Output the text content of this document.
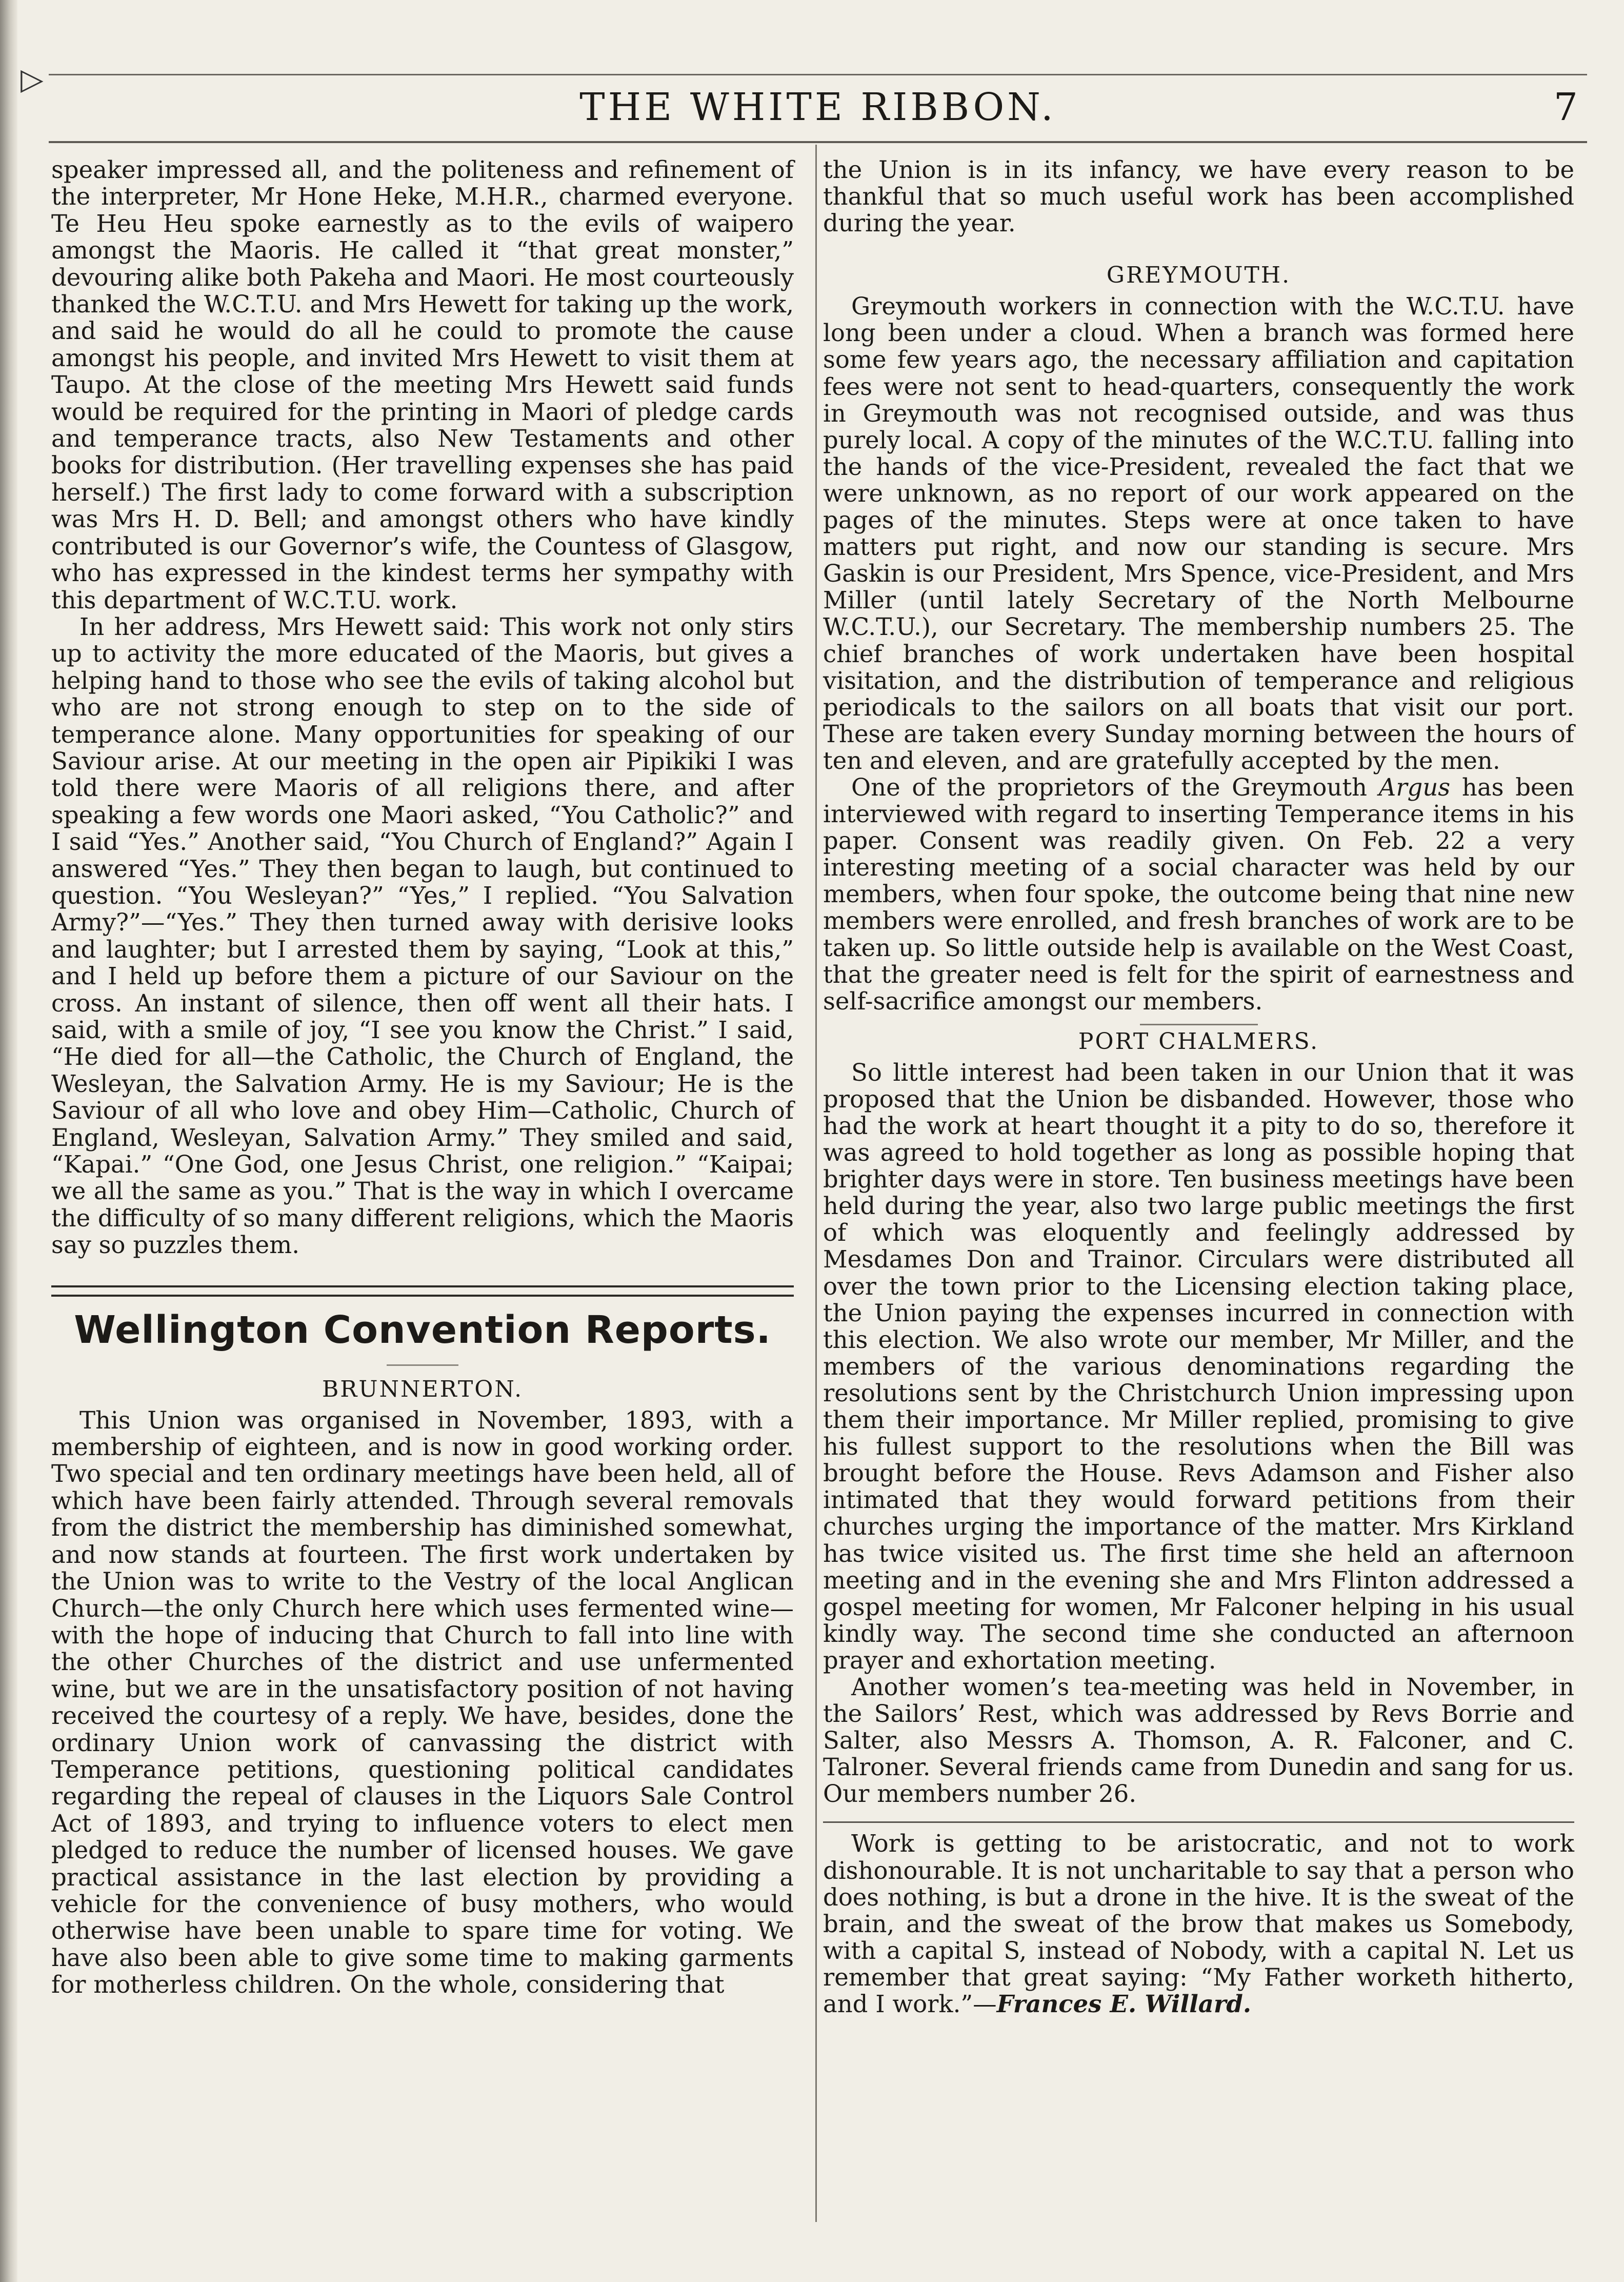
▷
THE WHITE RIBBON.	7

speaker impressed all, and the politeness and refinement of the interpreter, Mr Hone Heke, M.H.R., charmed everyone. Te Heu Heu spoke earnestly as to the evils of waipero amongst the Maoris. He called it “that great monster,” devouring alike both Pakeha and Maori. He most courteously thanked the W.C.T.U. and Mrs Hewett for taking up the work, and said he would do all he could to promote the cause amongst his people, and invited Mrs Hewett to visit them at Taupo. At the close of the meeting Mrs Hewett said funds would be required for the printing in Maori of pledge cards and temperance tracts, also New Testaments and other books for distribution. (Her travelling expenses she has paid herself.) The first lady to come forward with a subscription was Mrs H. D. Bell; and amongst others who have kindly contributed is our Governor’s wife, the Countess of Glasgow, who has expressed in the kindest terms her sympathy with this department of W.C.T.U. work.

In her address, Mrs Hewett said: This work not only stirs up to activity the more educated of the Maoris, but gives a helping hand to those who see the evils of taking alcohol but who are not strong enough to step on to the side of temperance alone. Many opportunities for speaking of our Saviour arise. At our meeting in the open air Pipikiki I was told there were Maoris of all religions there, and after speaking a few words one Maori asked, “You Catholic?” and I said “Yes.” Another said, “You Church of England?” Again I answered “Yes.” They then began to laugh, but continued to question. “You Wesleyan?” “Yes,” I replied. “You Salvation Army?”—“Yes.” They then turned away with derisive looks and laughter; but I arrested them by saying, “Look at this,” and I held up before them a picture of our Saviour on the cross. An instant of silence, then off went all their hats. I said, with a smile of joy, “I see you know the Christ.” I said, “He died for all—the Catholic, the Church of England, the Wesleyan, the Salvation Army. He is my Saviour; He is the Saviour of all who love and obey Him—Catholic, Church of England, Wesleyan, Salvation Army.” They smiled and said, “Kapai.” “One God, one Jesus Christ, one religion.” “Kaipai; we all the same as you.” That is the way in which I overcame the difficulty of so many different religions, which the Maoris say so puzzles them.

Wellington Convention Reports.
BRUNNERTON.

This Union was organised in November, 1893, with a membership of eighteen, and is now in good working order. Two special and ten ordinary meetings have been held, all of which have been fairly attended. Through several removals from the district the membership has diminished somewhat, and now stands at fourteen. The first work undertaken by the Union was to write to the Vestry of the local Anglican Church—the only Church here which uses fermented wine—with the hope of inducing that Church to fall into line with the other Churches of the district and use unfermented wine, but we are in the unsatisfactory position of not having received the courtesy of a reply. We have, besides, done the ordinary Union work of canvassing the district with Temperance petitions, questioning political candidates regarding the repeal of clauses in the Liquors Sale Control Act of 1893, and trying to influence voters to elect men pledged to reduce the number of licensed houses. We gave practical assistance in the last election by providing a vehicle for the convenience of busy mothers, who would otherwise have been unable to spare time for voting. We have also been able to give some time to making garments for motherless children. On the whole, considering that

the Union is in its infancy, we have every reason to be thankful that so much useful work has been accomplished during the year.

GREYMOUTH.

Greymouth workers in connection with the W.C.T.U. have long been under a cloud. When a branch was formed here some few years ago, the necessary affiliation and capitation fees were not sent to head-quarters, consequently the work in Greymouth was not recognised outside, and was thus purely local. A copy of the minutes of the W.C.T.U. falling into the hands of the vice-President, revealed the fact that we were unknown, as no report of our work appeared on the pages of the minutes. Steps were at once taken to have matters put right, and now our standing is secure. Mrs Gaskin is our President, Mrs Spence, vice-President, and Mrs Miller (until lately Secretary of the North Melbourne W.C.T.U.), our Secretary. The membership numbers 25. The chief branches of work undertaken have been hospital visitation, and the distribution of temperance and religious periodicals to the sailors on all boats that visit our port. These are taken every Sunday morning between the hours of ten and eleven, and are gratefully accepted by the men.

One of the proprietors of the Greymouth Argus has been interviewed with regard to inserting Temperance items in his paper. Consent was readily given. On Feb. 22 a very interesting meeting of a social character was held by our members, when four spoke, the outcome being that nine new members were enrolled, and fresh branches of work are to be taken up. So little outside help is available on the West Coast, that the greater need is felt for the spirit of earnestness and self-sacrifice amongst our members.

PORT CHALMERS.

So little interest had been taken in our Union that it was proposed that the Union be disbanded. However, those who had the work at heart thought it a pity to do so, therefore it was agreed to hold together as long as possible hoping that brighter days were in store. Ten business meetings have been held during the year, also two large public meetings the first of which was eloquently and feelingly addressed by Mesdames Don and Trainor. Circulars were distributed all over the town prior to the Licensing election taking place, the Union paying the expenses incurred in connection with this election. We also wrote our member, Mr Miller, and the members of the various denominations regarding the resolutions sent by the Christchurch Union impressing upon them their importance. Mr Miller replied, promising to give his fullest support to the resolutions when the Bill was brought before the House. Revs Adamson and Fisher also intimated that they would forward petitions from their churches urging the importance of the matter. Mrs Kirkland has twice visited us. The first time she held an afternoon meeting and in the evening she and Mrs Flinton addressed a gospel meeting for women, Mr Falconer helping in his usual kindly way. The second time she conducted an afternoon prayer and exhortation meeting.

Another women’s tea-meeting was held in November, in the Sailors’ Rest, which was addressed by Revs Borrie and Salter, also Messrs A. Thomson, A. R. Falconer, and C. Talroner. Several friends came from Dunedin and sang for us. Our members number 26.

Work is getting to be aristocratic, and not to work dishonourable. It is not uncharitable to say that a person who does nothing, is but a drone in the hive. It is the sweat of the brain, and the sweat of the brow that makes us Somebody, with a capital S, instead of Nobody, with a capital N. Let us remember that great saying: “My Father worketh hitherto, and I work.”—Frances E. Willard.
